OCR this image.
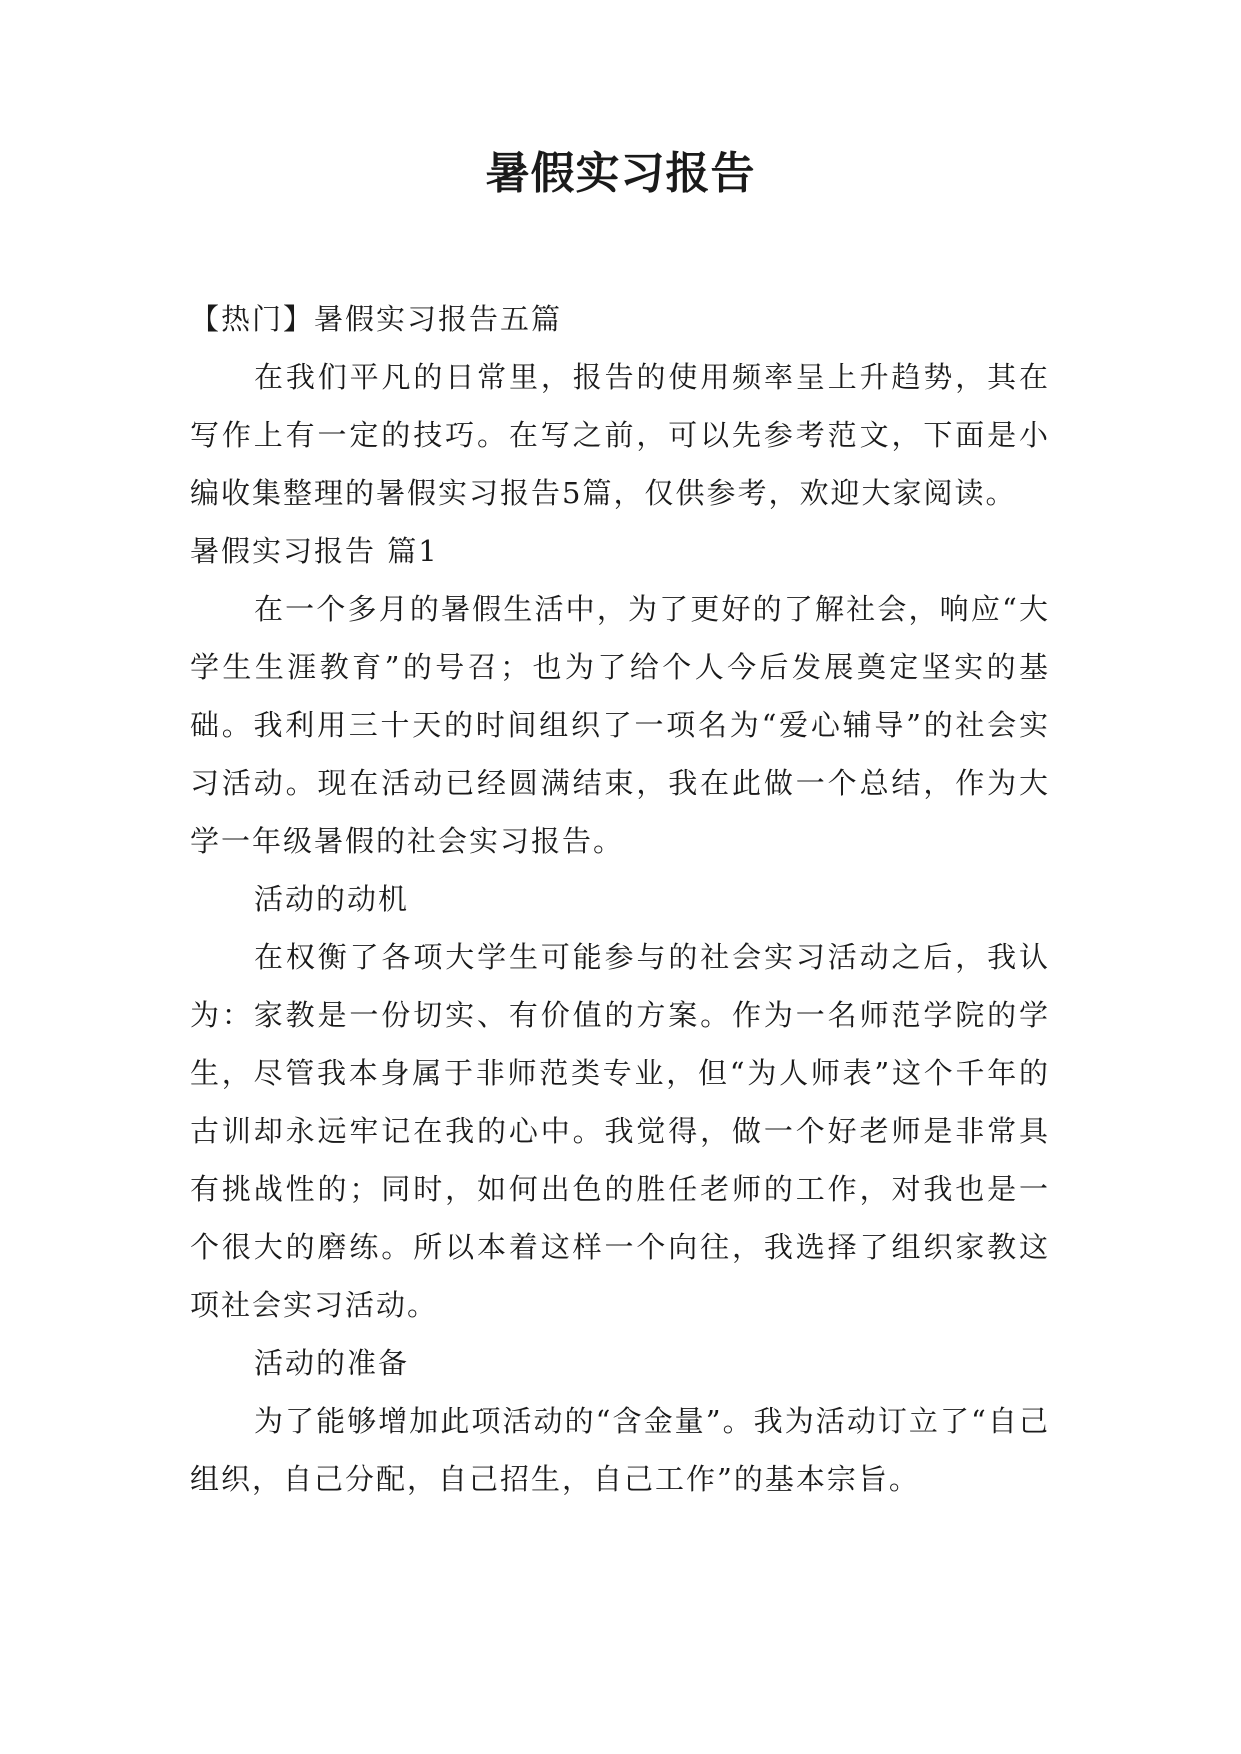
暑假实习报告

【热门】暑假实习报告五篇

在我们平凡的日常里，报告的使用频率呈上升趋势，其在写作上有一定的技巧。在写之前，可以先参考范文，下面是小编收集整理的暑假实习报告5篇，仅供参考，欢迎大家阅读。

暑假实习报告 篇1

在一个多月的暑假生活中，为了更好的了解社会，响应“大学生生涯教育”的号召；也为了给个人今后发展奠定坚实的基础。我利用三十天的时间组织了一项名为“爱心辅导”的社会实习活动。现在活动已经圆满结束，我在此做一个总结，作为大学一年级暑假的社会实习报告。

活动的动机

在权衡了各项大学生可能参与的社会实习活动之后，我认为：家教是一份切实、有价值的方案。作为一名师范学院的学生，尽管我本身属于非师范类专业，但“为人师表”这个千年的古训却永远牢记在我的心中。我觉得，做一个好老师是非常具有挑战性的；同时，如何出色的胜任老师的工作，对我也是一个很大的磨练。所以本着这样一个向往，我选择了组织家教这项社会实习活动。

活动的准备

为了能够增加此项活动的“含金量”。我为活动订立了“自己组织，自己分配，自己招生，自己工作”的基本宗旨。
